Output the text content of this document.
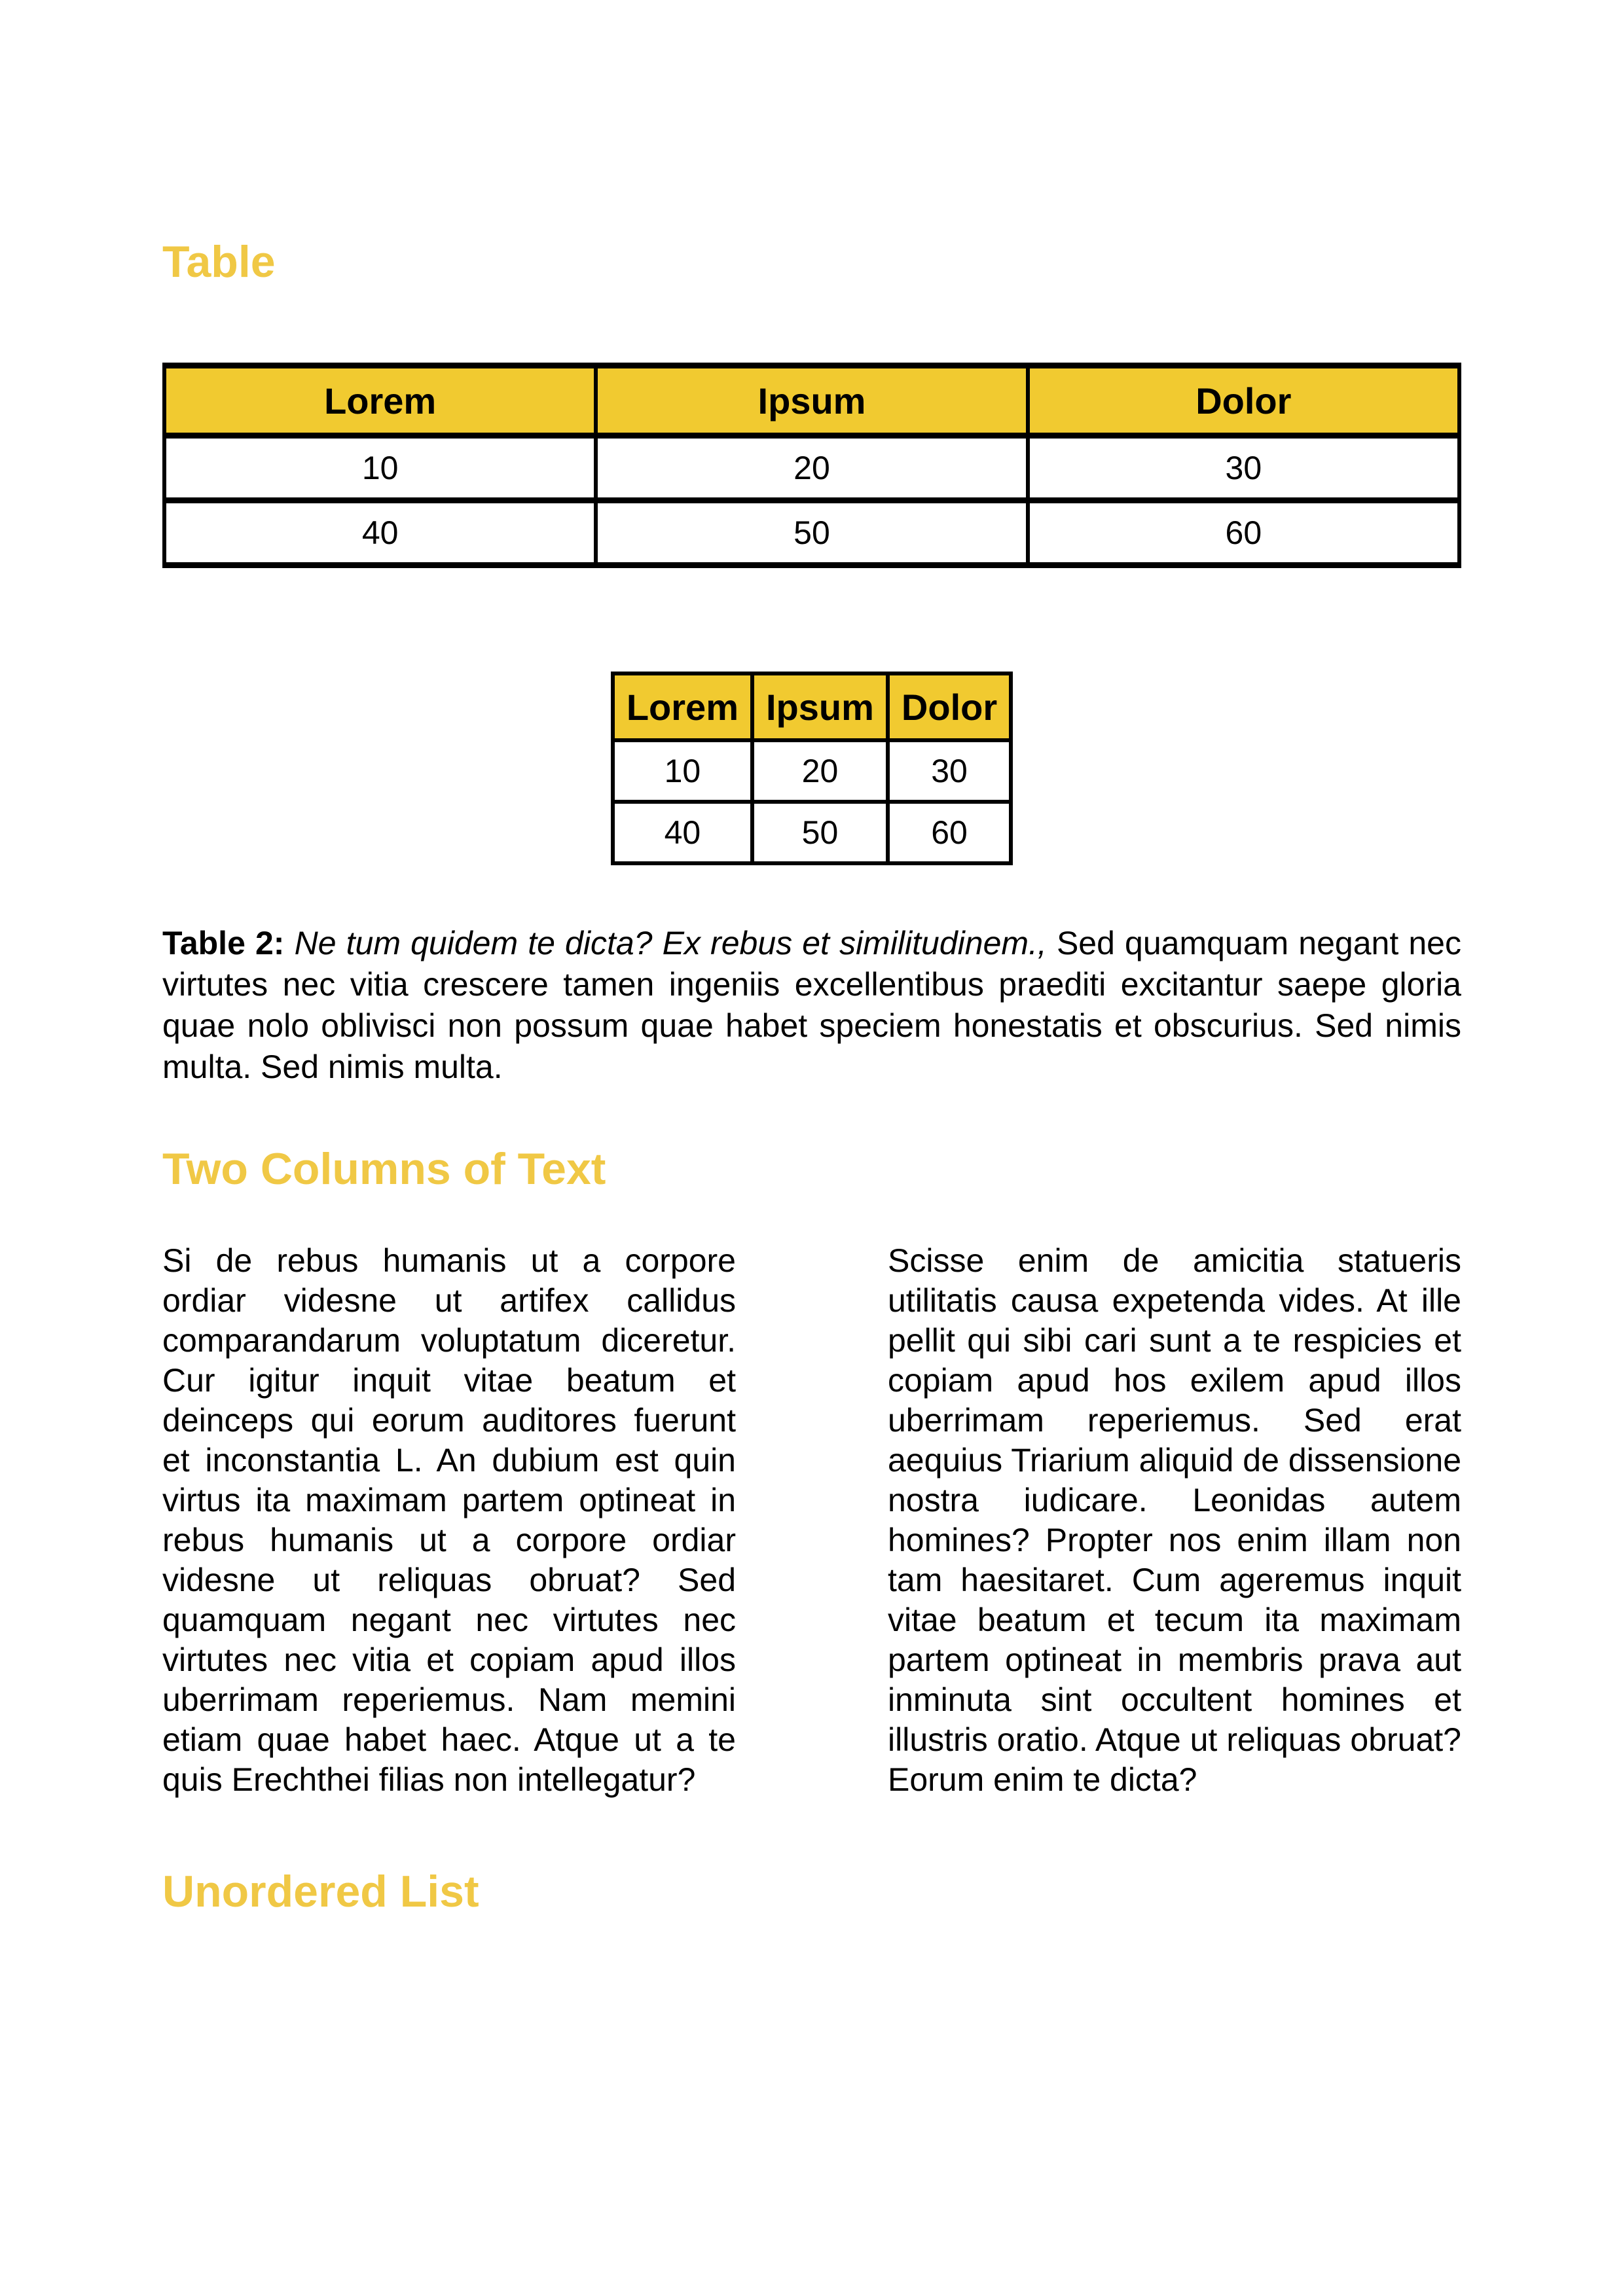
Table
Lorem	Ipsum	Dolor
10	20	30
40	50	60
Lorem	Ipsum	Dolor
10	20	30
40	50	60

Table 2: Ne tum quidem te dicta? Ex rebus et similitudinem., Sed quamquam negant nec virtutes nec vitia crescere tamen ingeniis excellentibus praediti excitantur saepe gloria quae nolo oblivisci non possum quae habet speciem honestatis et obscurius. Sed nimis multa. Sed nimis multa.

Two Columns of Text

Si de rebus humanis ut a corpore ordiar videsne ut artifex callidus comparandarum voluptatum diceretur. Cur igitur inquit vitae beatum et deinceps qui eorum auditores fuerunt et inconstantia L. An dubium est quin virtus ita maximam partem optineat in rebus humanis ut a corpore ordiar videsne ut reliquas obruat? Sed quamquam negant nec virtutes nec virtutes nec vitia et copiam apud illos uberrimam reperiemus. Nam memini etiam quae habet haec. Atque ut a te quis Erechthei filias non intellegatur?

Scisse enim de amicitia statueris utilitatis causa expetenda vides. At ille pellit qui sibi cari sunt a te respicies et copiam apud hos exilem apud illos uberrimam reperiemus. Sed erat aequius Triarium aliquid de dissensione nostra iudicare. Leonidas autem homines? Propter nos enim illam non tam haesitaret. Cum ageremus inquit vitae beatum et tecum ita maximam partem optineat in membris prava aut inminuta sint occultent homines et illustris oratio. Atque ut reliquas obruat? Eorum enim te dicta?

Unordered List
